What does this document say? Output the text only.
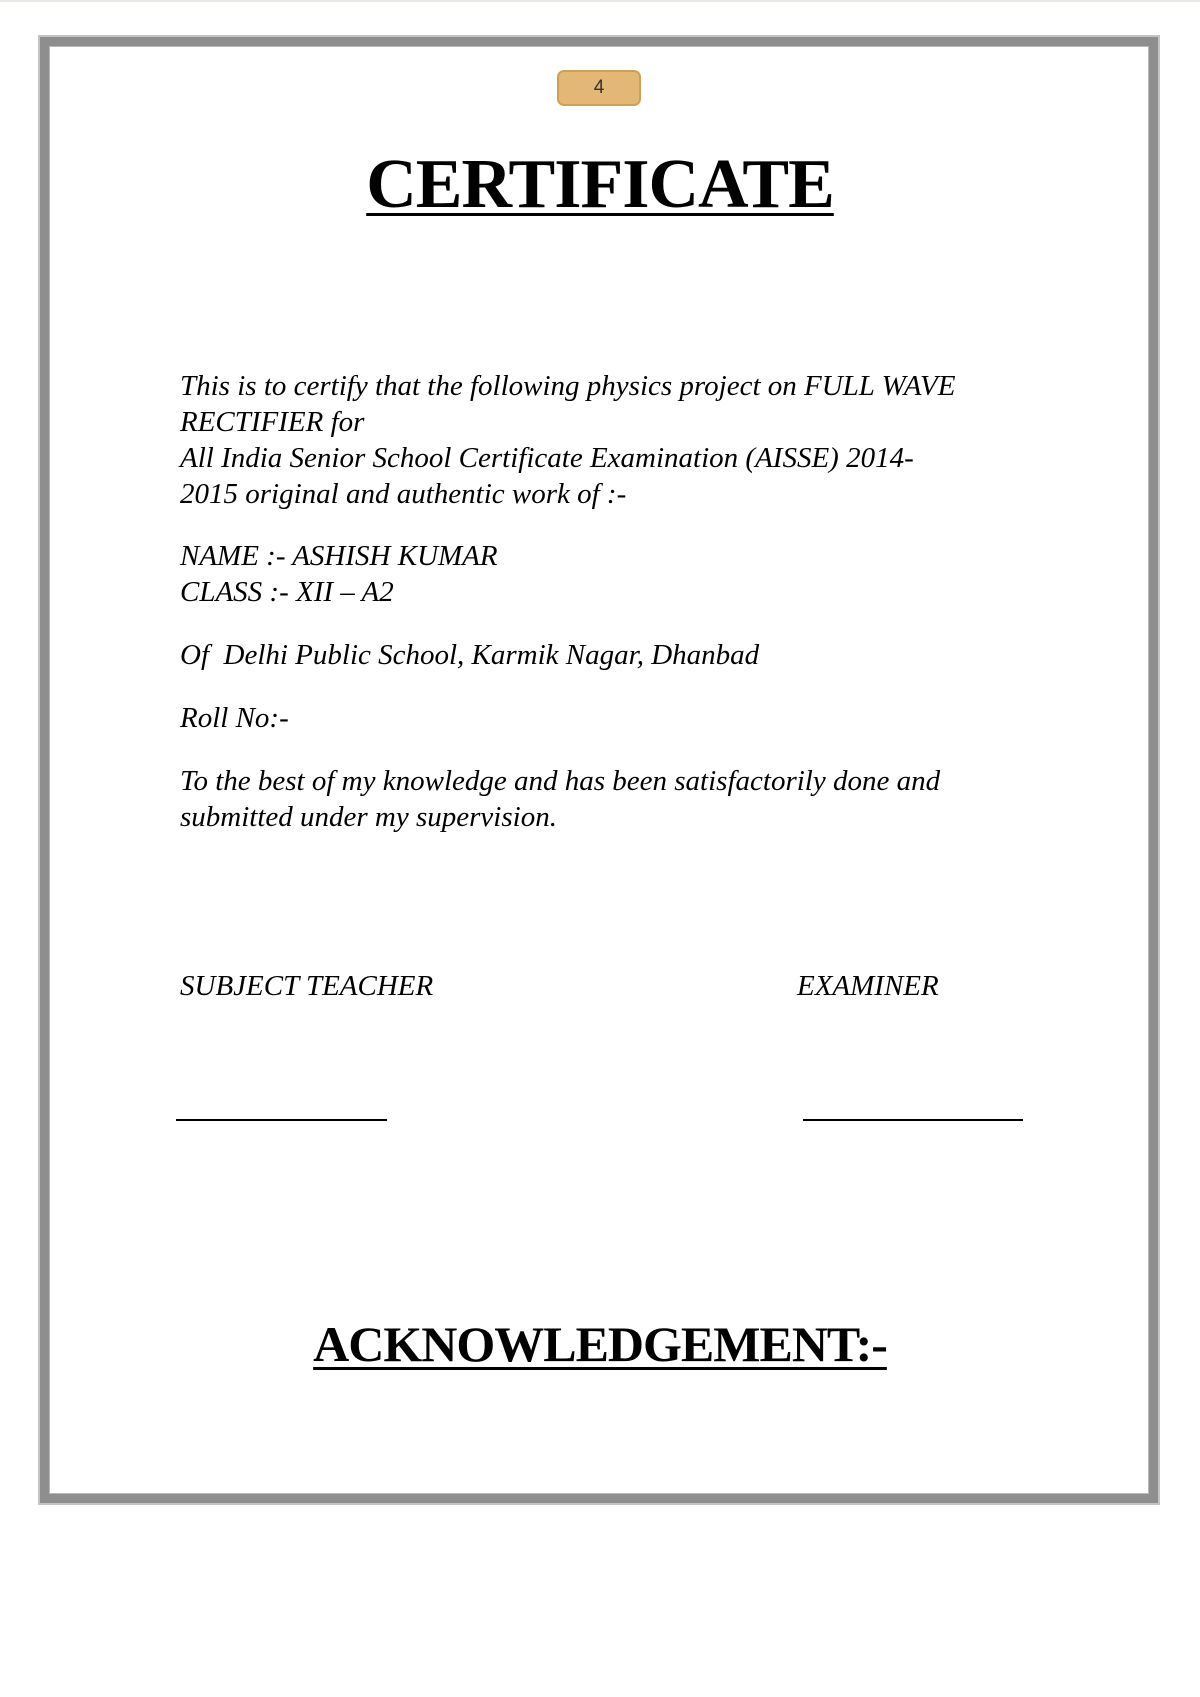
4
CERTIFICATE

This is to certify that the following physics project on FULL WAVE
RECTIFIER for
All India Senior School Certificate Examination (AISSE) 2014-
2015 original and authentic work of :-

NAME :- ASHISH KUMAR
CLASS :- XII – A2

Of  Delhi Public School, Karmik Nagar, Dhanbad

Roll No:-

To the best of my knowledge and has been satisfactorily done and
submitted under my supervision.

SUBJECT TEACHER	EXAMINER
ACKNOWLEDGEMENT:-
